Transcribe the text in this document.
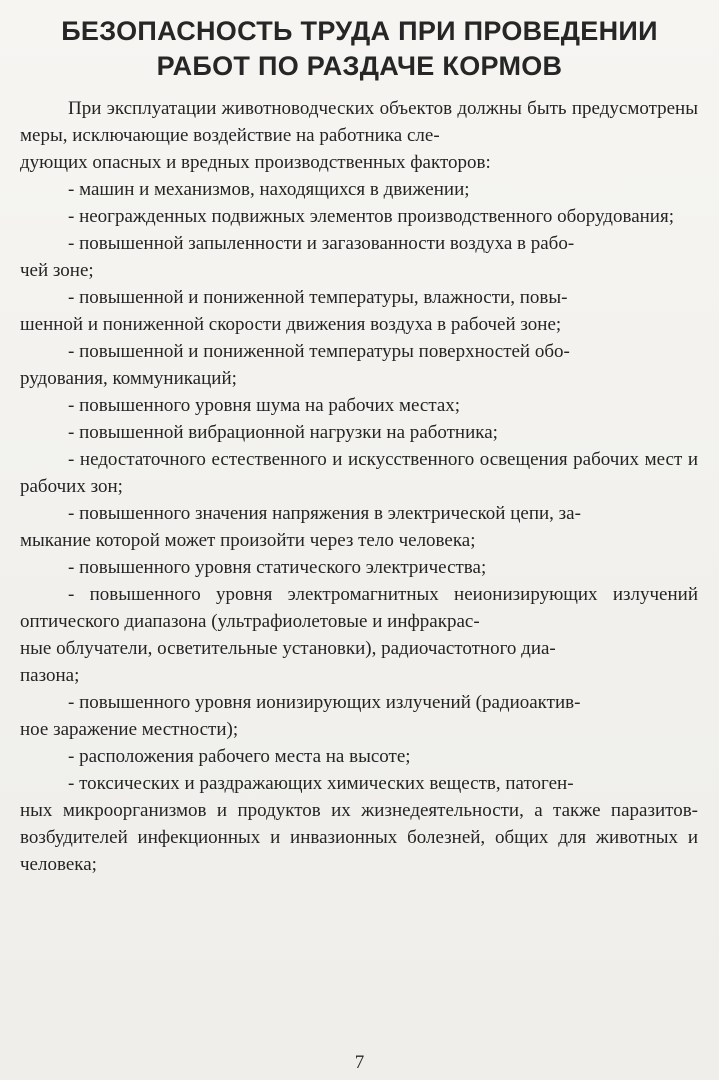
БЕЗОПАСНОСТЬ ТРУДА ПРИ ПРОВЕДЕНИИ
РАБОТ ПО РАЗДАЧЕ КОРМОВ

При эксплуатации животноводческих объектов должны быть предусмотрены меры, исключающие воздействие на работника сле-
дующих опасных и вредных производственных факторов:

- машин и механизмов, находящихся в движении;

- неогражденных подвижных элементов производственного оборудования;

- повышенной запыленности и загазованности воздуха в рабо-
чей зоне;

- повышенной и пониженной температуры, влажности, повы-
шенной и пониженной скорости движения воздуха в рабочей зоне;

- повышенной и пониженной температуры поверхностей обо-
рудования, коммуникаций;

- повышенного уровня шума на рабочих местах;

- повышенной вибрационной нагрузки на работника;

- недостаточного естественного и искусственного освещения рабочих мест и рабочих зон;

- повышенного значения напряжения в электрической цепи, за-
мыкание которой может произойти через тело человека;

- повышенного уровня статического электричества;

- повышенного уровня электромагнитных неионизирующих излучений оптического диапазона (ультрафиолетовые и инфракрас-
ные облучатели, осветительные установки), радиочастотного диа-
пазона;

- повышенного уровня ионизирующих излучений (радиоактив-
ное заражение местности);

- расположения рабочего места на высоте;

- токсических и раздражающих химических веществ, патоген-
ных микроорганизмов и продуктов их жизнедеятельности, а также паразитов-возбудителей инфекционных и инвазионных болезней, общих для животных и человека;

7
